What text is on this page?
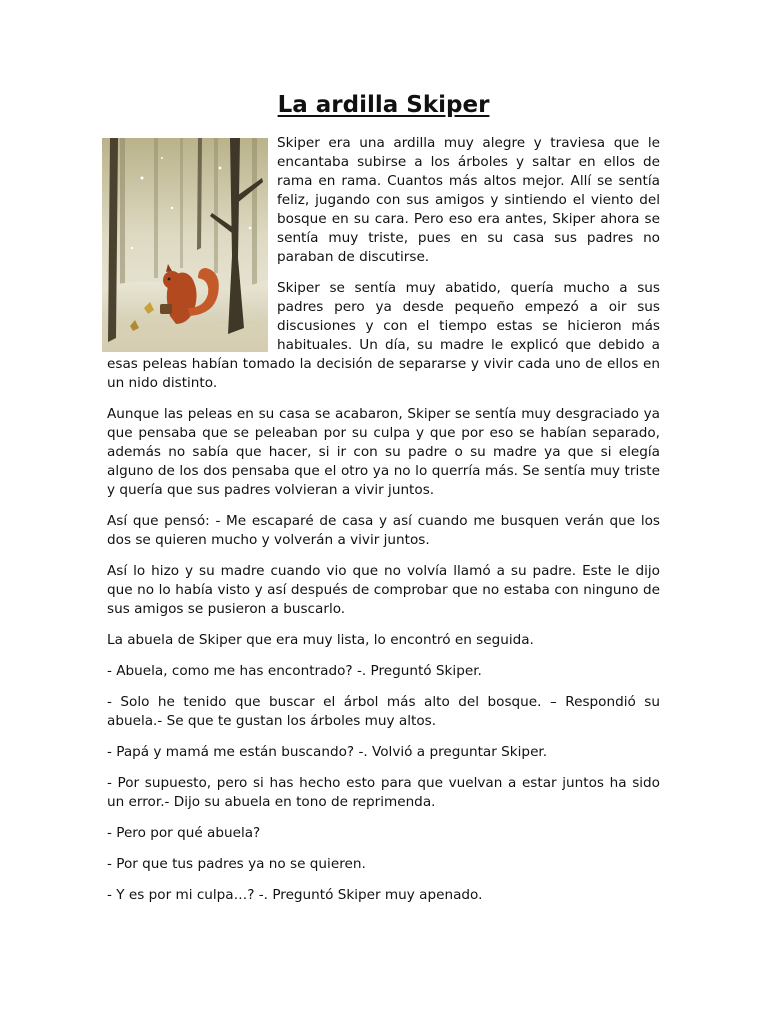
La ardilla Skiper

Skiper era una ardilla muy alegre y traviesa que le encantaba subirse a los árboles y saltar en ellos de rama en rama. Cuantos más altos mejor. Allí se sentía feliz, jugando con sus amigos y sintiendo el viento del bosque en su cara. Pero eso era antes, Skiper ahora se sentía muy triste, pues en su casa sus padres no paraban de discutirse.

Skiper se sentía muy abatido, quería mucho a sus padres pero ya desde pequeño empezó a oir sus discusiones y con el tiempo estas se hicieron más habituales. Un día, su madre le explicó que debido a esas peleas habían tomado la decisión de separarse y vivir cada uno de ellos en un nido distinto.

Aunque las peleas en su casa se acabaron, Skiper se sentía muy desgraciado ya que pensaba que se peleaban por su culpa y que por eso se habían separado, además no sabía que hacer, si ir con su padre o su madre ya que si elegía alguno de los dos pensaba que el otro ya no lo querría más. Se sentía muy triste y quería que sus padres volvieran a vivir juntos.

Así que pensó: - Me escaparé de casa y así cuando me busquen verán que los dos se quieren mucho y volverán a vivir juntos.

Así lo hizo y su madre cuando vio que no volvía llamó a su padre. Este le dijo que no lo había visto y así después de comprobar que no estaba con ninguno de sus amigos se pusieron a buscarlo.

La abuela de Skiper que era muy lista, lo encontró en seguida.

- Abuela, como me has encontrado? -. Preguntó Skiper.

- Solo he tenido que buscar el árbol más alto del bosque. – Respondió su abuela.- Se que te gustan los árboles muy altos.

- Papá y mamá me están buscando? -. Volvió a preguntar Skiper.

- Por supuesto, pero si has hecho esto para que vuelvan a estar juntos ha sido un error.- Dijo su abuela en tono de reprimenda.

- Pero por qué abuela?

- Por que tus padres ya no se quieren.

- Y es por mi culpa…? -. Preguntó Skiper muy apenado.
